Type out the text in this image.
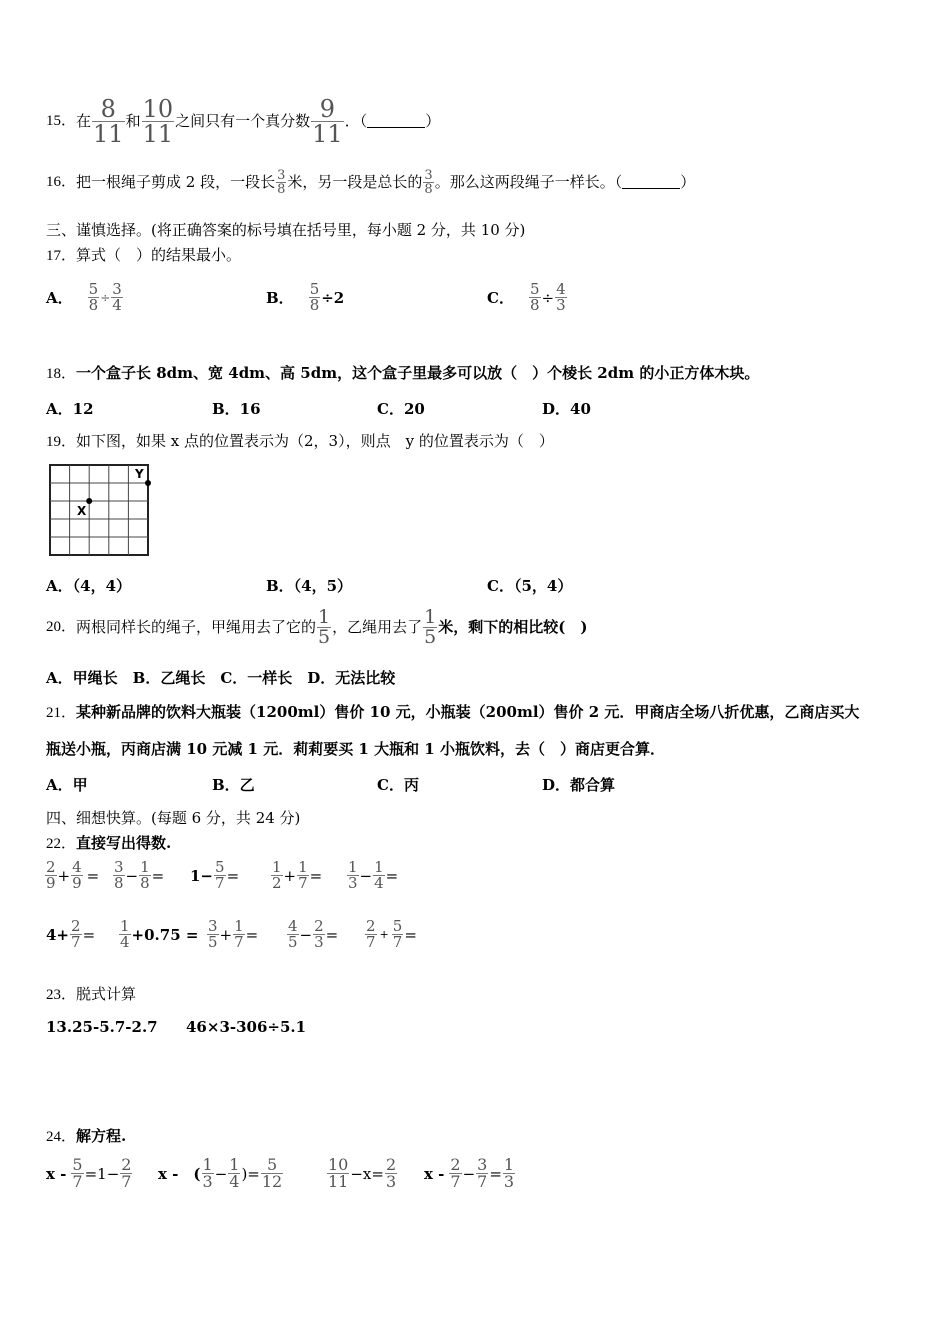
15． 在 $\frac{8}{11}$ 和 $\frac{10}{11}$ 之间只有一个真分数 $\frac{9}{11}$ ．（	）
16． 把一根绳子剪成 2 段，一段长 $\frac{3}{8}$ 米，另一段是总长的 $\frac{3}{8}$ 。那么这两段绳子一样长。（	）
三、谨慎选择。(将正确答案的标号填在括号里，每小题 2 分，共 10 分)
17．算式（　）的结果最小。
A． $\frac{5}{8} \div \frac{3}{4}$	B． $\frac{5}{8} \div 2$	C． $\frac{5}{8} \div \frac{4}{3}$
18．一个盒子长 8dm、宽 4dm、高 5dm，这个盒子里最多可以放（　）个棱长 2dm 的小正方体木块。
A．12	B．16	C．20	D．40
19．如下图，如果 x 点的位置表示为（2，3），则点　y 的位置表示为（　）
X
Y
A．（4，4）	B．（4，5）	C．（5，4）
20． 两根同样长的绳子，甲绳用去了它的 $\frac{1}{5}$ ，乙绳用去了 $\frac{1}{5}$ 米，剩下的相比较(　)
A．甲绳长　B．乙绳长　C．一样长　D．无法比较
21．某种新品牌的饮料大瓶装（1200ml）售价 10 元，小瓶装（200ml）售价 2 元．甲商店全场八折优惠，乙商店买大
瓶送小瓶，丙商店满 10 元减 1 元．莉莉要买 1 大瓶和 1 小瓶饮料，去（　）商店更合算．
A．甲	B．乙	C．丙	D．都合算
四、细想快算。(每题 6 分，共 24 分)
22．直接写出得数.
$\frac{2}{9} + \frac{4}{9} = \frac{3}{8} - \frac{1}{8} = 1- \frac{5}{7} = \frac{1}{2} + \frac{1}{7} = \frac{1}{3} - \frac{1}{4}$ =
$4+ \frac{2}{7} = \frac{1}{4} +0.75 = \frac{3}{5} + \frac{1}{7} = \frac{4}{5} - \frac{2}{3} = \frac{2}{7} + \frac{5}{7}$ =
23．脱式计算
13.25-5.7-2.7 46×3-306÷5.1
24．解方程.
$x - \frac{5}{7} =1- \frac{2}{7}$ x -　( $\frac{1}{3} - \frac{1}{4}$ )= $\frac{5}{12}$	$\frac{10}{11} -x= \frac{2}{3}$ $x - \frac{2}{7} - \frac{3}{7} = \frac{1}{3}$
